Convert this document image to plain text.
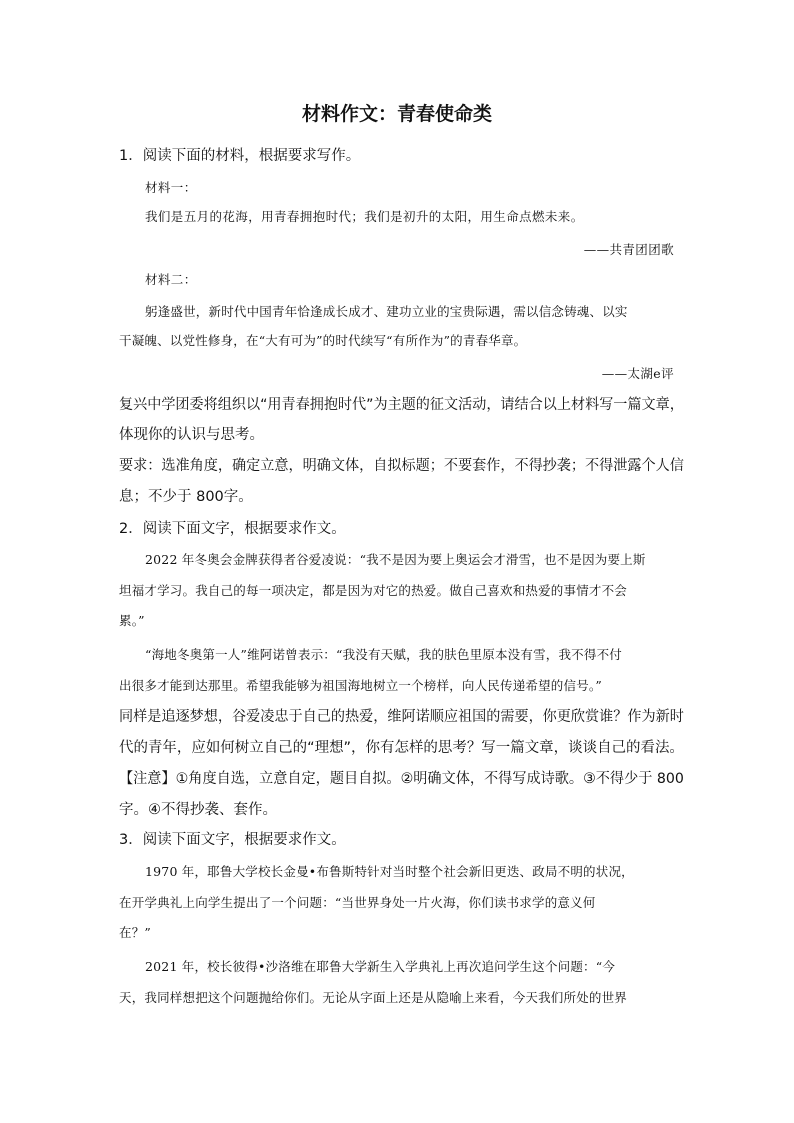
材料作文：青春使命类
1．阅读下面的材料，根据要求写作。
材料一：
我们是五月的花海，用青春拥抱时代；我们是初升的太阳，用生命点燃未来。
——共青团团歌
材料二：
躬逢盛世，新时代中国青年恰逢成长成才、建功立业的宝贵际遇，需以信念铸魂、以实
干凝魄、以党性修身，在“大有可为”的时代续写“有所作为”的青春华章。
——太湖e评
复兴中学团委将组织以“用青春拥抱时代”为主题的征文活动，请结合以上材料写一篇文章，
体现你的认识与思考。
要求：选准角度，确定立意，明确文体，自拟标题；不要套作，不得抄袭；不得泄露个人信
息；不少于 800字。
2．阅读下面文字，根据要求作文。
2022 年冬奥会金牌获得者谷爱凌说：“我不是因为要上奥运会才滑雪，也不是因为要上斯
坦福才学习。我自己的每一项决定，都是因为对它的热爱。做自己喜欢和热爱的事情才不会
累。”
“海地冬奥第一人”维阿诺曾表示：“我没有天赋，我的肤色里原本没有雪，我不得不付
出很多才能到达那里。希望我能够为祖国海地树立一个榜样，向人民传递希望的信号。”
同样是追逐梦想，谷爱凌忠于自己的热爱，维阿诺顺应祖国的需要，你更欣赏谁？作为新时
代的青年，应如何树立自己的“理想”，你有怎样的思考？写一篇文章，谈谈自己的看法。
【注意】①角度自选，立意自定，题目自拟。②明确文体，不得写成诗歌。③不得少于 800
字。④不得抄袭、套作。
3．阅读下面文字，根据要求作文。
1970 年，耶鲁大学校长金曼•布鲁斯特针对当时整个社会新旧更迭、政局不明的状况，
在开学典礼上向学生提出了一个问题：“当世界身处一片火海，你们读书求学的意义何
在？”
2021 年，校长彼得•沙洛维在耶鲁大学新生入学典礼上再次追问学生这个问题：“今
天，我同样想把这个问题抛给你们。无论从字面上还是从隐喻上来看，今天我们所处的世界
